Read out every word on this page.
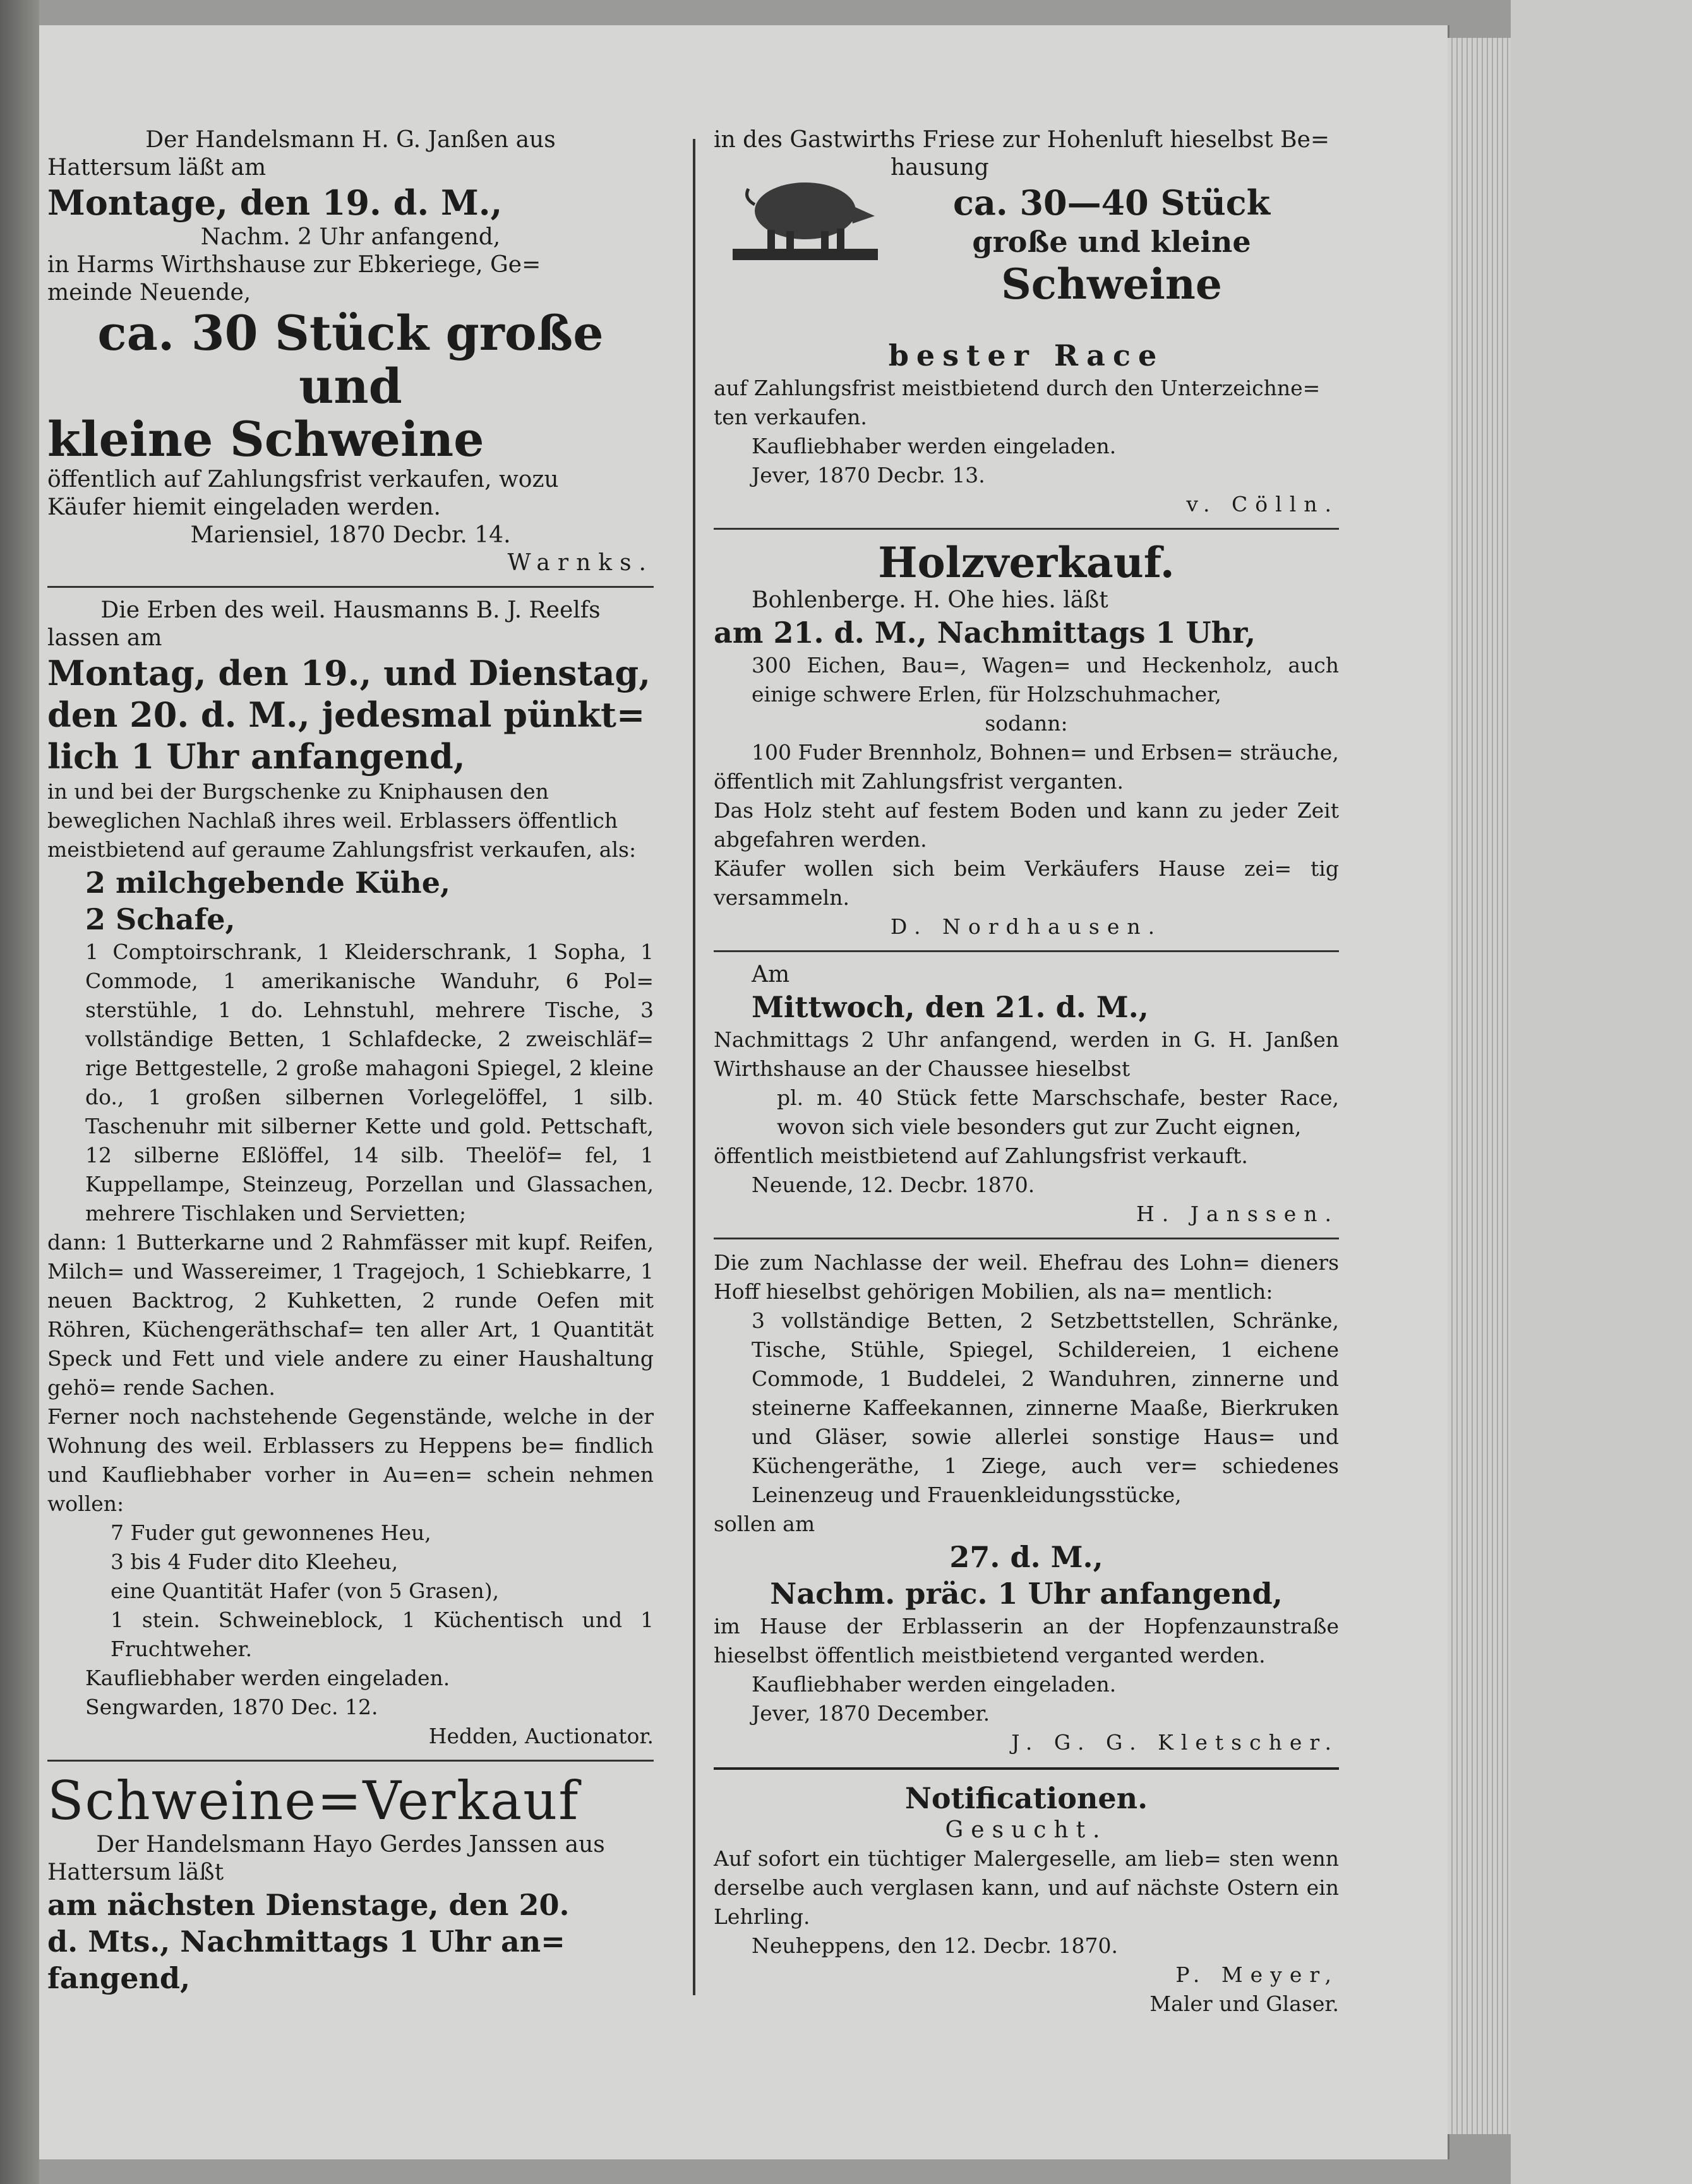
Der Handelsmann H. G. Janßen aus

Hattersum läßt am

Montage, den 19. d. M.,

Nachm. 2 Uhr anfangend,

in Harms Wirthshause zur Ebkeriege, Ge=

meinde Neuende,

ca. 30 Stück große und

kleine Schweine

öffentlich auf Zahlungsfrist verkaufen, wozu

Käufer hiemit eingeladen werden.

Mariensiel, 1870 Decbr. 14.

Warnks.

Die Erben des weil. Hausmanns B. J. Reelfs

lassen am

Montag, den 19., und Dienstag,

den 20. d. M., jedesmal pünkt=

lich 1 Uhr anfangend,

in und bei der Burgschenke zu Kniphausen den

beweglichen Nachlaß ihres weil. Erblassers öffentlich

meistbietend auf geraume Zahlungsfrist verkaufen, als:

2 milchgebende Kühe,

2 Schafe,

1 Comptoirschrank, 1 Kleiderschrank, 1 Sopha, 1 Commode, 1 amerikanische Wanduhr, 6 Pol= sterstühle, 1 do. Lehnstuhl, mehrere Tische, 3 vollständige Betten, 1 Schlafdecke, 2 zweischläf= rige Bettgestelle, 2 große mahagoni Spiegel, 2 kleine do., 1 großen silbernen Vorlegelöffel, 1 silb. Taschenuhr mit silberner Kette und gold. Pettschaft, 12 silberne Eßlöffel, 14 silb. Theelöf= fel, 1 Kuppellampe, Steinzeug, Porzellan und Glassachen, mehrere Tischlaken und Servietten;

dann: 1 Butterkarne und 2 Rahmfässer mit kupf. Reifen, Milch= und Wassereimer, 1 Tragejoch, 1 Schiebkarre, 1 neuen Backtrog, 2 Kuhketten, 2 runde Oefen mit Röhren, Küchengeräthschaf= ten aller Art, 1 Quantität Speck und Fett und viele andere zu einer Haushaltung gehö= rende Sachen.

Ferner noch nachstehende Gegenstände, welche in der Wohnung des weil. Erblassers zu Heppens be= findlich und Kaufliebhaber vorher in Au=en= schein nehmen wollen:

7 Fuder gut gewonnenes Heu,

3 bis 4 Fuder dito Kleeheu,

eine Quantität Hafer (von 5 Grasen),

1 stein. Schweineblock, 1 Küchentisch und 1 Fruchtweher.

Kaufliebhaber werden eingeladen.

Sengwarden, 1870 Dec. 12.

Hedden, Auctionator.

Schweine=Verkauf

Der Handelsmann Hayo Gerdes Janssen aus

Hattersum läßt

am nächsten Dienstage, den 20.

d. Mts., Nachmittags 1 Uhr an=

fangend,

in des Gastwirths Friese zur Hohenluft hieselbst Be=

hausung

ca. 30—40 Stück

große und kleine

Schweine

bester Race

auf Zahlungsfrist meistbietend durch den Unterzeichne=

ten verkaufen.

Kaufliebhaber werden eingeladen.

Jever, 1870 Decbr. 13.

v. Cölln.

Holzverkauf.

Bohlenberge. H. Ohe hies. läßt

am 21. d. M., Nachmittags 1 Uhr,

300 Eichen, Bau=, Wagen= und Heckenholz, auch einige schwere Erlen, für Holzschuhmacher,

sodann:

100 Fuder Brennholz, Bohnen= und Erbsen= sträuche,

öffentlich mit Zahlungsfrist verganten.

Das Holz steht auf festem Boden und kann zu jeder Zeit abgefahren werden.

Käufer wollen sich beim Verkäufers Hause zei= tig versammeln.

D. Nordhausen.

Am

Mittwoch, den 21. d. M.,

Nachmittags 2 Uhr anfangend, werden in G. H. Janßen Wirthshause an der Chaussee hieselbst

pl. m. 40 Stück fette Marschschafe, bester Race, wovon sich viele besonders gut zur Zucht eignen,

öffentlich meistbietend auf Zahlungsfrist verkauft.

Neuende, 12. Decbr. 1870.

H. Janssen.

Die zum Nachlasse der weil. Ehefrau des Lohn= dieners Hoff hieselbst gehörigen Mobilien, als na= mentlich:

3 vollständige Betten, 2 Setzbettstellen, Schränke, Tische, Stühle, Spiegel, Schildereien, 1 eichene Commode, 1 Buddelei, 2 Wanduhren, zinnerne und steinerne Kaffeekannen, zinnerne Maaße, Bierkruken und Gläser, sowie allerlei sonstige Haus= und Küchengeräthe, 1 Ziege, auch ver= schiedenes Leinenzeug und Frauenkleidungsstücke,

sollen am

27. d. M.,

Nachm. präc. 1 Uhr anfangend,

im Hause der Erblasserin an der Hopfenzaunstraße hieselbst öffentlich meistbietend verganted werden.

Kaufliebhaber werden eingeladen.

Jever, 1870 December.

J. G. G. Kletscher.

Notificationen.

Gesucht.

Auf sofort ein tüchtiger Malergeselle, am lieb= sten wenn derselbe auch verglasen kann, und auf nächste Ostern ein Lehrling.

Neuheppens, den 12. Decbr. 1870.

P. Meyer,

Maler und Glaser.
